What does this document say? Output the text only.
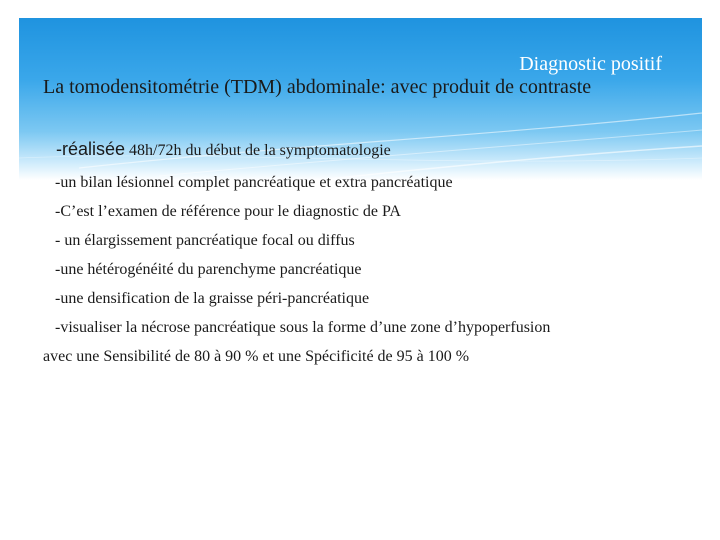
Diagnostic positif
La tomodensitométrie (TDM) abdominale: avec produit de contraste
-réalisée 48h/72h du début de la symptomatologie
-un bilan lésionnel complet pancréatique et extra pancréatique
-C’est l’examen de référence pour le diagnostic de PA
- un élargissement pancréatique focal ou diffus
-une hétérogénéité du parenchyme pancréatique
-une densification de la graisse péri-pancréatique
-visualiser la nécrose pancréatique sous la forme d’une zone d’hypoperfusion
avec une Sensibilité de 80 à 90 % et une Spécificité de 95 à 100 %
